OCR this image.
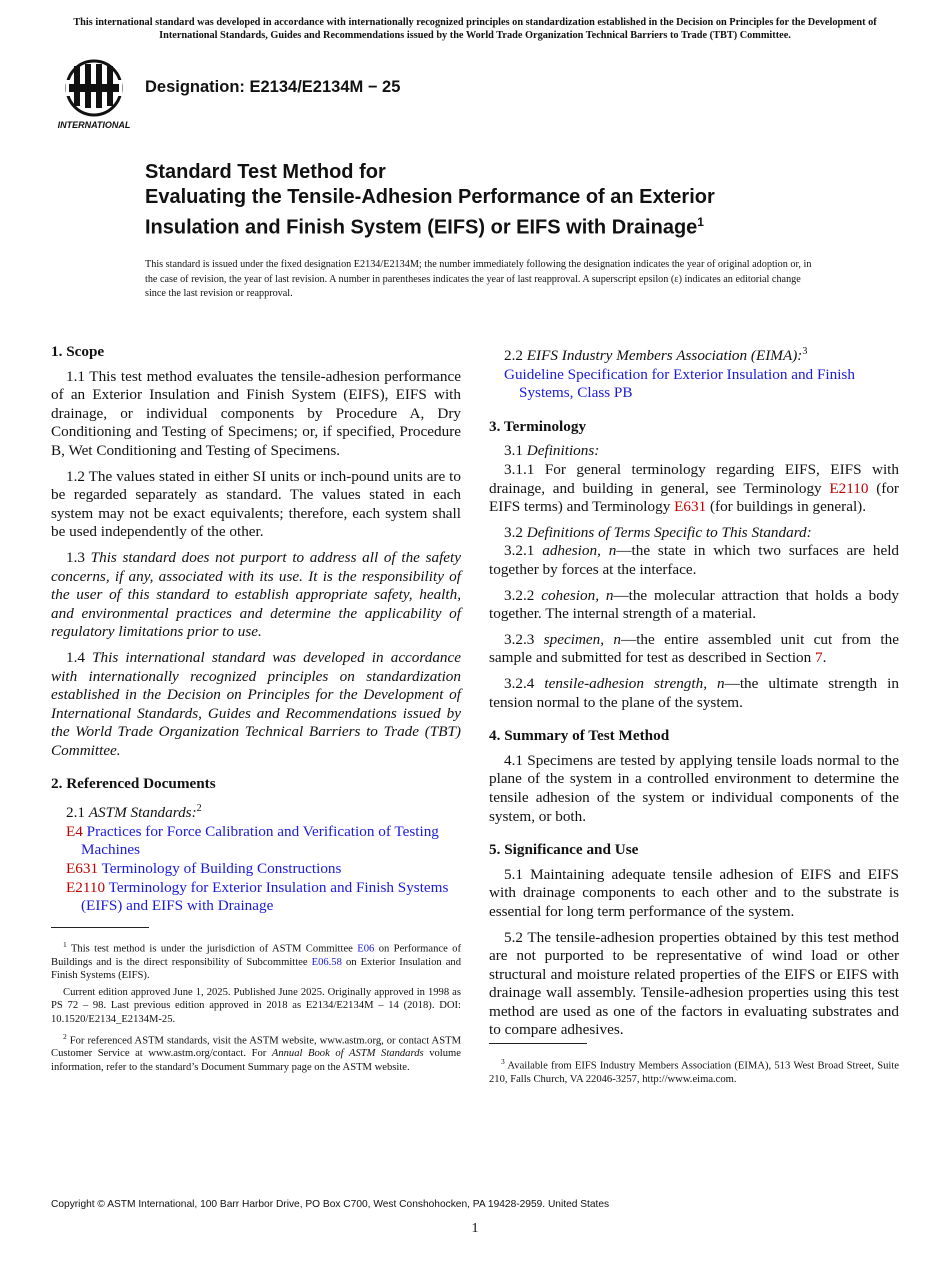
This international standard was developed in accordance with internationally recognized principles on standardization established in the Decision on Principles for the Development of International Standards, Guides and Recommendations issued by the World Trade Organization Technical Barriers to Trade (TBT) Committee.
INTERNATIONAL
Designation: E2134/E2134M − 25
Standard Test Method for
Evaluating the Tensile-Adhesion Performance of an Exterior
Insulation and Finish System (EIFS) or EIFS with Drainage$^1$
This standard is issued under the fixed designation E2134/E2134M; the number immediately following the designation indicates the year of original adoption or, in the case of revision, the year of last revision. A number in parentheses indicates the year of last reapproval. A superscript epsilon (ε) indicates an editorial change since the last revision or reapproval.
1. Scope
1.1 This test method evaluates the tensile-adhesion performance of an Exterior Insulation and Finish System (EIFS), EIFS with drainage, or individual components by Procedure A, Dry Conditioning and Testing of Specimens; or, if specified, Procedure B, Wet Conditioning and Testing of Specimens.
1.2 The values stated in either SI units or inch-pound units are to be regarded separately as standard. The values stated in each system may not be exact equivalents; therefore, each system shall be used independently of the other.
1.3 This standard does not purport to address all of the safety concerns, if any, associated with its use. It is the responsibility of the user of this standard to establish appropriate safety, health, and environmental practices and determine the applicability of regulatory limitations prior to use.
1.4 This international standard was developed in accordance with internationally recognized principles on standardization established in the Decision on Principles for the Development of International Standards, Guides and Recommendations issued by the World Trade Organization Technical Barriers to Trade (TBT) Committee.
2. Referenced Documents
2.1 ASTM Standards:$^2$
E4 Practices for Force Calibration and Verification of Testing Machines
E631 Terminology of Building Constructions
E2110 Terminology for Exterior Insulation and Finish Systems (EIFS) and EIFS with Drainage

$^1$ This test method is under the jurisdiction of ASTM Committee E06 on Performance of Buildings and is the direct responsibility of Subcommittee E06.58 on Exterior Insulation and Finish Systems (EIFS).

Current edition approved June 1, 2025. Published June 2025. Originally approved in 1998 as PS 72 – 98. Last previous edition approved in 2018 as E2134/E2134M – 14 (2018). DOI: 10.1520/E2134_E2134M-25.

$^2$ For referenced ASTM standards, visit the ASTM website, www.astm.org, or contact ASTM Customer Service at www.astm.org/contact. For Annual Book of ASTM Standards volume information, refer to the standard’s Document Summary page on the ASTM website.

2.2 EIFS Industry Members Association (EIMA):$^3$
Guideline Specification for Exterior Insulation and Finish Systems, Class PB
3. Terminology
3.1 Definitions:
3.1.1 For general terminology regarding EIFS, EIFS with drainage, and building in general, see Terminology E2110 (for EIFS terms) and Terminology E631 (for buildings in general).
3.2 Definitions of Terms Specific to This Standard:
3.2.1 adhesion, n—the state in which two surfaces are held together by forces at the interface.
3.2.2 cohesion, n—the molecular attraction that holds a body together. The internal strength of a material.
3.2.3 specimen, n—the entire assembled unit cut from the sample and submitted for test as described in Section 7.
3.2.4 tensile-adhesion strength, n—the ultimate strength in tension normal to the plane of the system.
4. Summary of Test Method
4.1 Specimens are tested by applying tensile loads normal to the plane of the system in a controlled environment to determine the tensile adhesion of the system or individual components of the system, or both.
5. Significance and Use
5.1 Maintaining adequate tensile adhesion of EIFS and EIFS with drainage components to each other and to the substrate is essential for long term performance of the system.
5.2 The tensile-adhesion properties obtained by this test method are not purported to be representative of wind load or other structural and moisture related properties of the EIFS or EIFS with drainage wall assembly. Tensile-adhesion properties using this test method are used as one of the factors in evaluating substrates and to compare adhesives.

$^3$ Available from EIFS Industry Members Association (EIMA), 513 West Broad Street, Suite 210, Falls Church, VA 22046-3257, http://www.eima.com.

Copyright © ASTM International, 100 Barr Harbor Drive, PO Box C700, West Conshohocken, PA 19428-2959. United States
1
